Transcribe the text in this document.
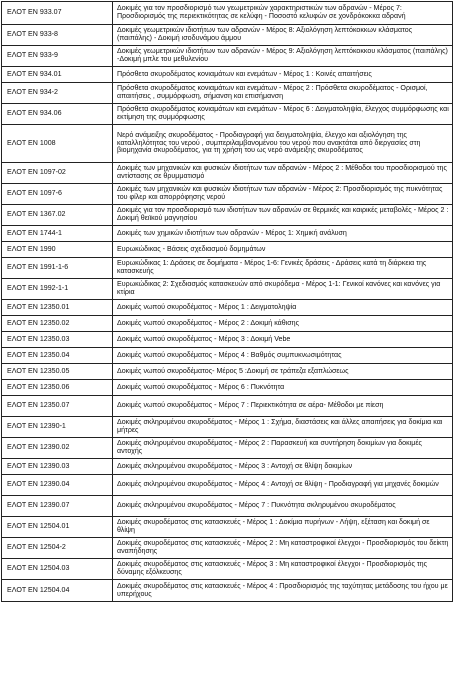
ΕΛΟΤ EN 933.07	Δοκιμές για τον προσδιορισμό των γεωμετρικών χαρακτηριστικών των αδρανών - Μέρος 7: Προσδιορισμός της περιεκτικότητας σε κελύφη - Ποσοστό κελυφών σε χονδρόκοκκα αδρανή
ΕΛΟΤ EN 933-8	Δοκιμές γεωμετρικών ιδιοτήτων των αδρανών - Μέρος 8: Αξιολόγηση λεπτόκοκκων κλάσματος (παιπάλης) - Δοκιμή ισοδυνάμου άμμου
ΕΛΟΤ EN 933-9	Δοκιμές γεωμετρικών ιδιοτήτων των αδρανών - Μέρος 9: Αξιολόγηση λεπτόκοκκου κλάσματος (παιπάλης) -Δοκιμή μπλε του μεθυλενίου
ΕΛΟΤ EN 934.01	Πρόσθετα σκυροδέματος κονιαμάτων και ενεμάτων - Μέρος 1 : Κοινές απαιτήσεις
ΕΛΟΤ EN 934-2	Πρόσθετα σκυροδέματος κονιαμάτων και ενεμάτων - Μέρος 2 : Πρόσθετα σκυροδέματος - Ορισμοί, απαιτήσεις , συμμόρφωση, σήμανση και επισήμανση
ΕΛΟΤ EN 934.06	Πρόσθετα σκυροδέματος κονιαμάτων και ενεμάτων - Μέρος 6 : Δειγματοληψία, έλεγχος συμμόρφωσης και εκτίμηση της συμμόρφωσης
ΕΛΟΤ EN 1008	Νερό ανάμειξης σκυροδέματος - Προδιαγραφή για δειγματοληψία, έλεγχο και αξιολόγηση της καταλληλότητας του νερού , συμπεριλαμβανομένου του νερού που ανακτάται από διεργασίες στη βιομηχανία σκυροδέματος, για τη χρήση του ως νερό ανάμειξης σκυροδέματος
ΕΛΟΤ EN 1097-02	Δοκιμές των μηχανικών και φυσικών ιδιοτήτων των αδρανών - Μέρος 2 : Μέθοδοι του προσδιορισμού της αντίστασης σε θρυμματισμό
ΕΛΟΤ EN 1097-6	Δοκιμές των μηχανικών και φυσικών ιδιοτήτων των αδρανών - Μέρος 2: Προσδιορισμός της πυκνότητας του φίλερ και απορρόφησης νερού
ΕΛΟΤ EN 1367.02	Δοκιμές για τον προσδιορισμό των ιδιοτήτων των αδρανών σε θερμικές και καιρικές μεταβολές - Μέρος 2 : Δοκιμή θειϊκού μαγνησίου
ΕΛΟΤ EN 1744-1	Δοκιμές των χημικών ιδιοτήτων των αδρανών - Μέρος 1: Χημική ανάλυση
ΕΛΟΤ EN 1990	Ευρωκώδικας - Βάσεις σχεδιασμού δομημάτων
ΕΛΟΤ EN 1991-1-6	Ευρωκώδικας 1: Δράσεις σε δομήματα - Μέρος 1-6: Γενικές δράσεις - Δράσεις κατά τη διάρκεια της κατασκευής
ΕΛΟΤ EN 1992-1-1	Ευρωκώδικας 2: Σχεδιασμός κατασκευών από σκυρόδεμα - Μέρος 1-1: Γενικοί κανόνες και κανόνες για κτίρια
ΕΛΟΤ EN 12350.01	Δοκιμές νωπού σκυροδέματος - Μέρος 1 : Δειγματοληψία
ΕΛΟΤ EN 12350.02	Δοκιμές νωπού σκυροδέματος - Μέρος 2 : Δοκιμή κάθισης
ΕΛΟΤ EN 12350.03	Δοκιμές νωπού σκυροδέματος - Μέρος 3 : Δοκιμή Vebe
ΕΛΟΤ EN 12350.04	Δοκιμές νωπού σκυροδέματος - Μέρος 4 : Βαθμός συμπυκνωσιμότητας
ΕΛΟΤ EN 12350.05	Δοκιμές νωπού σκυροδέματος- Μέρος 5 :Δοκιμή σε τράπεζα εξαπλώσεως
ΕΛΟΤ EN 12350.06	Δοκιμές νωπού σκυροδέματος - Μέρος 6 : Πυκνότητα
ΕΛΟΤ EN 12350.07	Δοκιμές νωπού σκυροδέματος - Μέρος 7 : Περιεκτικότητα σε αέρα- Μέθοδοι με πίεση
ΕΛΟΤ EN 12390-1	Δοκιμές σκληρυμένου σκυροδέματος - Μέρος 1 : Σχήμα, διαστάσεις και άλλες απαιτήσεις για δοκίμια και μήτρες
ΕΛΟΤ EN 12390.02	Δοκιμές σκληρυμένου σκυροδέματος - Μέρος 2 : Παρασκευή και συντήρηση δοκιμίων για δοκιμές αντοχής
ΕΛΟΤ EN 12390.03	Δοκιμές σκληρυμένου σκυροδέματος - Μέρος 3 : Αντοχή σε θλίψη δοκιμίων
ΕΛΟΤ EN 12390.04	Δοκιμές σκληρυμένου σκυροδέματος - Μέρος 4 : Αντοχή σε θλίψη - Προδιαγραφή για μηχανές δοκιμών
ΕΛΟΤ EN 12390.07	Δοκιμές σκληρυμένου σκυροδέματος - Μέρος 7 : Πυκνότητα σκληρυμένου σκυροδέματος
ΕΛΟΤ EN 12504.01	Δοκιμές σκυροδέματος στις κατασκευές - Μέρος 1 : Δοκίμια πυρήνων - Λήψη, εξέταση και δοκιμή σε θλίψη
ΕΛΟΤ EN 12504-2	Δοκιμές σκυροδέματος στις κατασκευές - Μέρος 2 : Μη καταστροφικοί έλεγχοι - Προσδιορισμός του δείκτη αναπήδησης
ΕΛΟΤ EN 12504.03	Δοκιμές σκυροδέματος στις κατασκευές - Μέρος 3 : Μη καταστροφικοί έλεγχοι - Προσδιορισμός της δύναμης εξόλκευσης
ΕΛΟΤ EN 12504.04	Δοκιμές σκυροδέματος στις κατασκευές - Μέρος 4 : Προσδιορισμός της ταχύτητας μετάδοσης του ήχου με υπερήχους
